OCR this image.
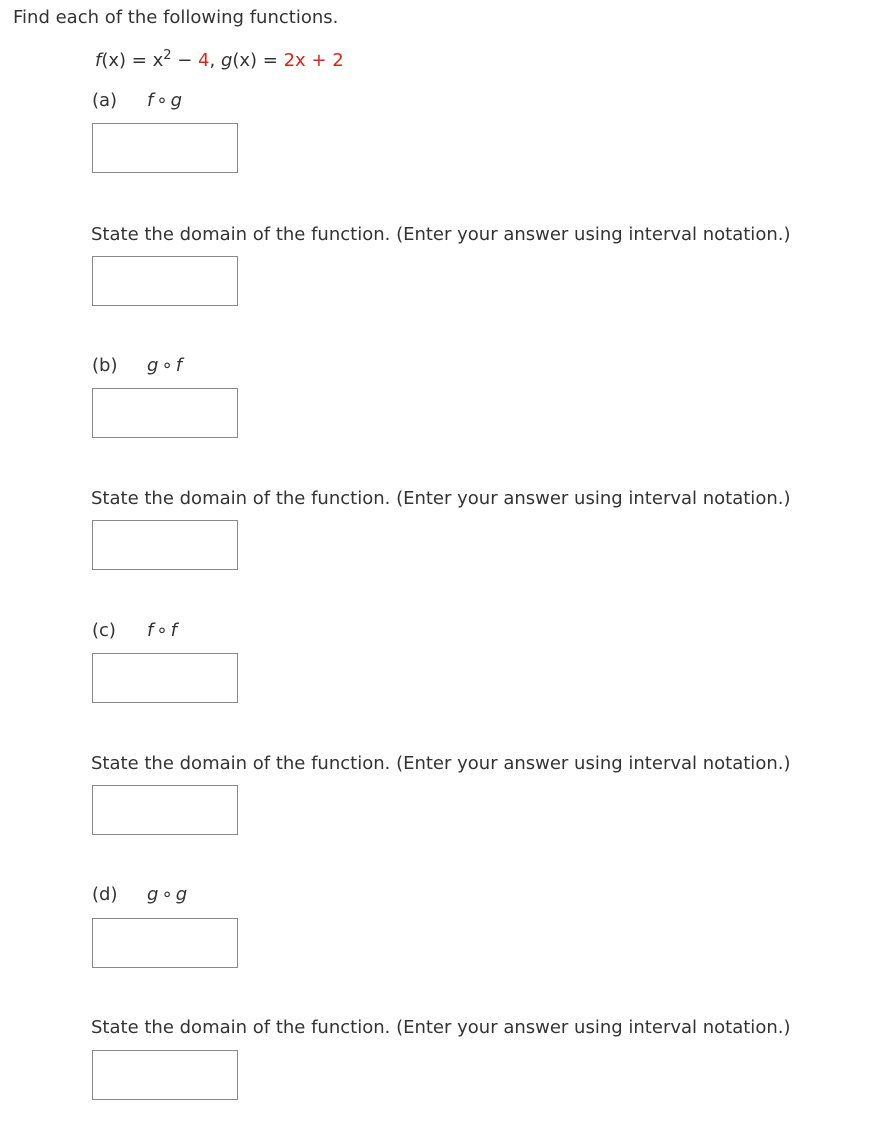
Find each of the following functions.
$f(x) = x^2 - 4$, g(x) = 2x + 2
(a) f ∘ g
State the domain of the function. (Enter your answer using interval notation.)
(b) g ∘ f
State the domain of the function. (Enter your answer using interval notation.)
(c) f ∘ f
State the domain of the function. (Enter your answer using interval notation.)
(d) g ∘ g
State the domain of the function. (Enter your answer using interval notation.)
